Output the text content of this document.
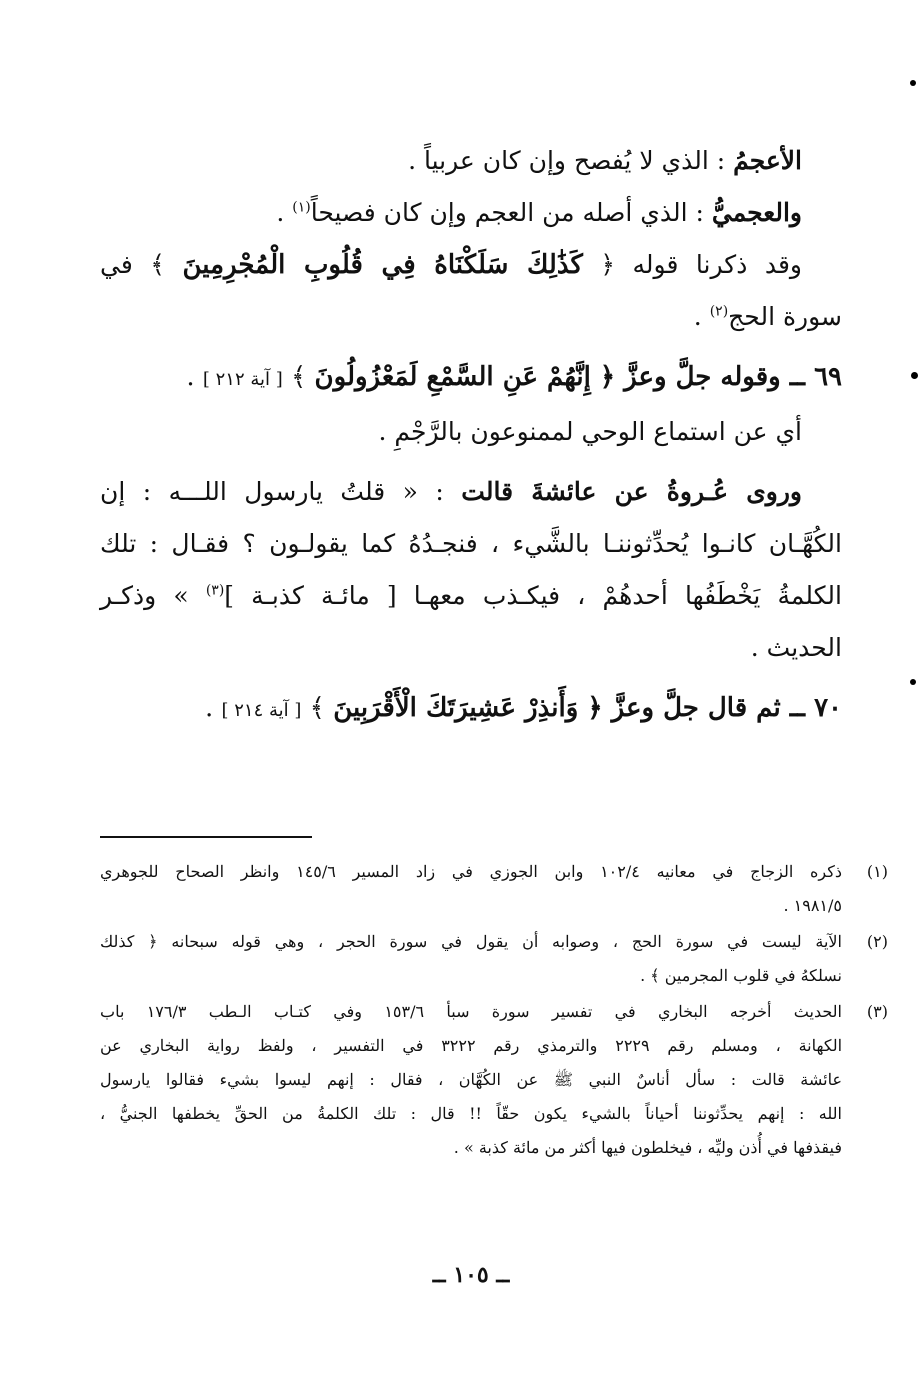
الأعجمُ : الذي لا يُفصح وإن كان عربياً .

والعجميُّ : الذي أصله من العجم وإن كان فصيحاً$^{(١)}$ .

وقد ذكرنا قوله ﴿ كَذَٰلِكَ سَلَكْنَاهُ فِي قُلُوبِ الْمُجْرِمِينَ ﴾ في

سورة الحج$^{(٢)}$ .

٦٩ ــ وقوله جلَّ وعزَّ ﴿ إِنَّهُمْ عَنِ السَّمْعِ لَمَعْزُولُونَ ﴾ [ آية ٢١٢ ] .

أي عن استماع الوحي لممنوعون بالرَّجْمِ .

وروى عُـروةُ عن عائشةَ قالت : « قلتُ يارسول اللـــه : إن

الكُهَّـان كانـوا يُحدِّثوننـا بالشَّيء ، فنجـدُهُ كما يقولـون ؟ فقـال : تلك

الكلمةُ يَخْطَفُها أحدهُمْ ، فيكـذب معهـا [ مائـة كذبـة ]$^{(٣)}$ » وذكـر

الحديث .

٧٠ ــ ثم قال جلَّ وعزَّ ﴿ وَأَنذِرْ عَشِيرَتَكَ الْأَقْرَبِينَ ﴾ [ آية ٢١٤ ] .

(١)
ذكره الزجاج في معانيه ١٠٢/٤ وابن الجوزي في زاد المسير ١٤٥/٦ وانظر الصحاح للجوهري
١٩٨١/٥ .
(٢)
الآية ليست في سورة الحج ، وصوابه أن يقول في سورة الحجر ، وهي قوله سبحانه ﴿ كذلك
نسلكهُ في قلوب المجرمين ﴾ .
(٣)
الحديث أخرجه البخاري في تفسير سورة سبأ ١٥٣/٦ وفي كتـاب الـطب ١٧٦/٣ باب
الكهانة ، ومسلم رقم ٢٢٢٩ والترمذي رقم ٣٢٢٢ في التفسير ، ولفظ رواية البخاري عن
عائشة قالت : سأل أناسٌ النبي ﷺ عن الكُهَّان ، فقال : إنهم ليسوا بشيء فقالوا يارسول
الله : إنهم يحدِّثوننا أحياناً بالشيء يكون حقّاً !! قال : تلك الكلمةُ من الحقِّ يخطفها الجنيُّ ،
فيقذفها في أُذن وليِّه ، فيخلطون فيها أكثر من مائة كذبة » .
ــ ١٠٥ ــ
